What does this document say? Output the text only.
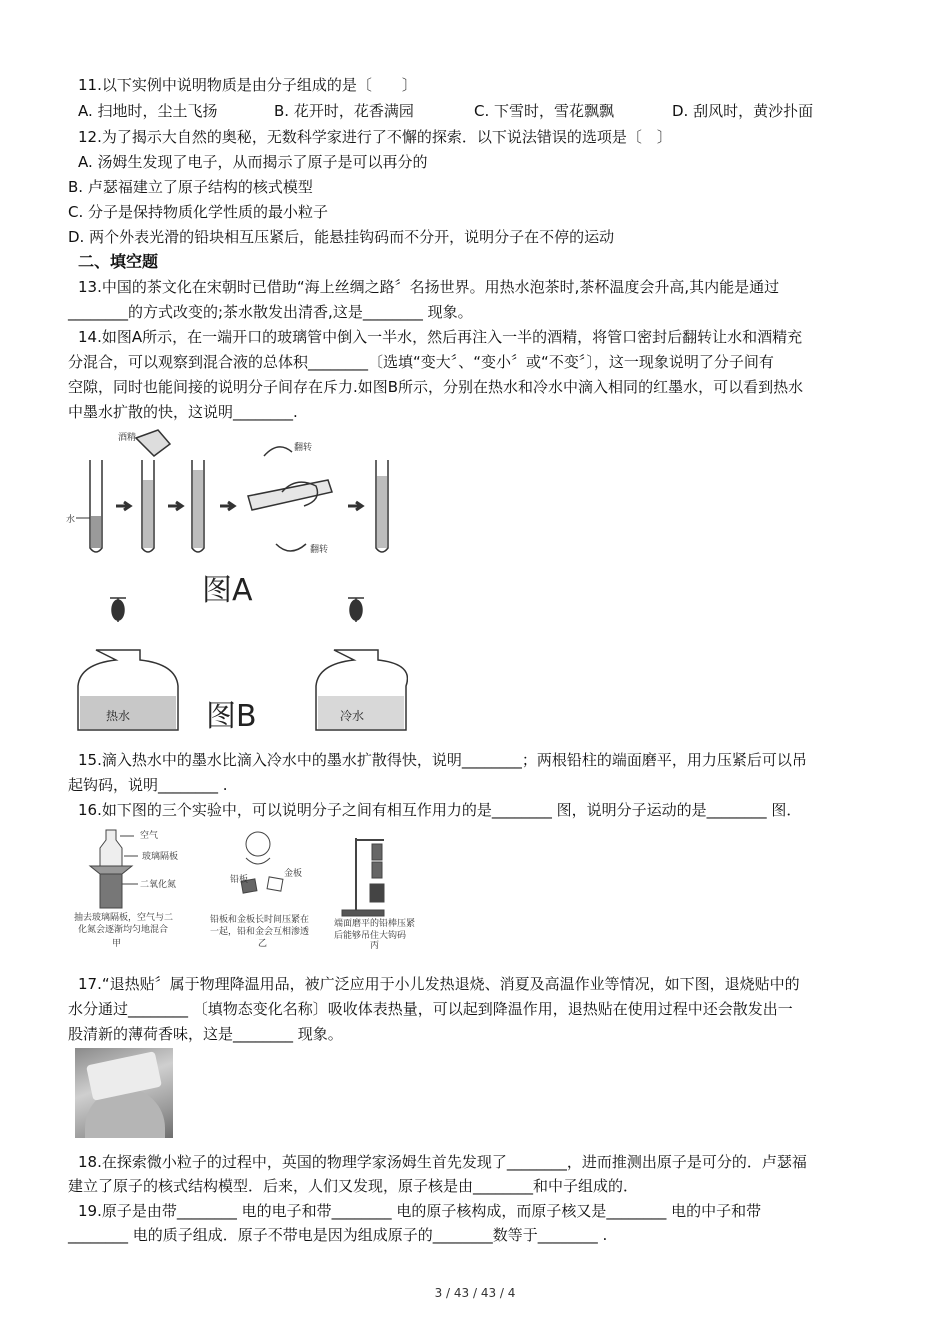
11.以下实例中说明物质是由分子组成的是〔　　〕
A. 扫地时，尘土飞扬	B. 花开时，花香满园	C. 下雪时，雪花飘飘	D. 刮风时，黄沙扑面
12.为了揭示大自然的奥秘，无数科学家进行了不懈的探索．以下说法错误的选项是〔　〕
A. 汤姆生发现了电子，从而揭示了原子是可以再分的
B. 卢瑟福建立了原子结构的核式模型
C. 分子是保持物质化学性质的最小粒子
D. 两个外表光滑的铅块相互压紧后，能悬挂钩码而不分开，说明分子在不停的运动
二、填空题
13.中国的茶文化在宋朝时已借助“海上丝绸之路〞名扬世界。用热水泡茶时,茶杯温度会升高,其内能是通过
________的方式改变的;茶水散发出清香,这是________ 现象。
14.如图A所示，在一端开口的玻璃管中倒入一半水，然后再注入一半的酒精，将管口密封后翻转让水和酒精充
分混合，可以观察到混合液的总体积________〔选填“变大〞、“变小〞或“不变〞〕，这一现象说明了分子间有
空隙，同时也能间接的说明分子间存在斥力.如图B所示，分别在热水和冷水中滴入相同的红墨水，可以看到热水
中墨水扩散的快，这说明________.
酒精
水
翻转
翻转
图A
热水	冷水
图B
15.滴入热水中的墨水比滴入冷水中的墨水扩散得快，说明________；两根铅柱的端面磨平，用力压紧后可以吊
起钩码，说明________ .
16.如下图的三个实验中，可以说明分子之间有相互作用力的是________ 图，说明分子运动的是________ 图．
空气
玻璃隔板
二氧化氮
抽去玻璃隔板，空气与二
化氮会逐渐均匀地混合
甲
铅板
金板
铅板和金板长时间压紧在
一起，铅和金会互相渗透
乙
端面磨平的铅棒压紧
后能够吊住大钩码
丙
17.“退热贴〞属于物理降温用品，被广泛应用于小儿发热退烧、消夏及高温作业等情况，如下图，退烧贴中的
水分通过________ 〔填物态变化名称〕吸收体表热量，可以起到降温作用，退热贴在使用过程中还会散发出一
股清新的薄荷香味，这是________ 现象。
18.在探索微小粒子的过程中，英国的物理学家汤姆生首先发现了________，进而推测出原子是可分的．卢瑟福
建立了原子的核式结构模型．后来，人们又发现，原子核是由________和中子组成的．
19.原子是由带________ 电的电子和带________ 电的原子核构成，而原子核又是________ 电的中子和带
________ 电的质子组成．原子不带电是因为组成原子的________数等于________ .
3 / 43 / 43 / 4
